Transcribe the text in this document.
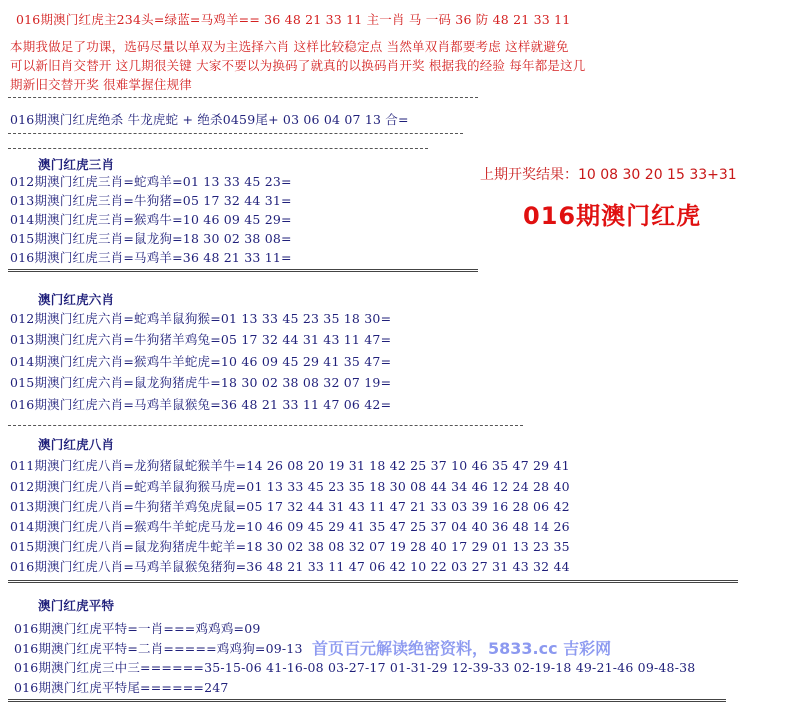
016期澳门红虎主234头=绿蓝=马鸡羊== 36 48 21 33 11 主一肖 马 一码 36 防 48 21 33 11
本期我做足了功课，选码尽量以单双为主选择六肖 这样比较稳定点 当然单双肖都要考虑 这样就避免
可以新旧肖交替开 这几期很关键 大家不要以为换码了就真的以换码肖开奖 根据我的经验 每年都是这几
期新旧交替开奖 很难掌握住规律
016期澳门红虎绝杀 牛龙虎蛇 + 绝杀0459尾+ 03 06 04 07 13 合=
澳门红虎三肖
012期澳门红虎三肖=蛇鸡羊=01 13 33 45 23=
013期澳门红虎三肖=牛狗猪=05 17 32 44 31=
014期澳门红虎三肖=猴鸡牛=10 46 09 45 29=
015期澳门红虎三肖=鼠龙狗=18 30 02 38 08=
016期澳门红虎三肖=马鸡羊=36 48 21 33 11=
上期开奖结果：10 08 30 20 15 33+31
016期澳门红虎
澳门红虎六肖
012期澳门红虎六肖=蛇鸡羊鼠狗猴=01 13 33 45 23 35 18 30=
013期澳门红虎六肖=牛狗猪羊鸡兔=05 17 32 44 31 43 11 47=
014期澳门红虎六肖=猴鸡牛羊蛇虎=10 46 09 45 29 41 35 47=
015期澳门红虎六肖=鼠龙狗猪虎牛=18 30 02 38 08 32 07 19=
016期澳门红虎六肖=马鸡羊鼠猴兔=36 48 21 33 11 47 06 42=
澳门红虎八肖
011期澳门红虎八肖=龙狗猪鼠蛇猴羊牛=14 26 08 20 19 31 18 42 25 37 10 46 35 47 29 41
012期澳门红虎八肖=蛇鸡羊鼠狗猴马虎=01 13 33 45 23 35 18 30 08 44 34 46 12 24 28 40
013期澳门红虎八肖=牛狗猪羊鸡兔虎鼠=05 17 32 44 31 43 11 47 21 33 03 39 16 28 06 42
014期澳门红虎八肖=猴鸡牛羊蛇虎马龙=10 46 09 45 29 41 35 47 25 37 04 40 36 48 14 26
015期澳门红虎八肖=鼠龙狗猪虎牛蛇羊=18 30 02 38 08 32 07 19 28 40 17 29 01 13 23 35
016期澳门红虎八肖=马鸡羊鼠猴兔猪狗=36 48 21 33 11 47 06 42 10 22 03 27 31 43 32 44
澳门红虎平特
016期澳门红虎平特=一肖===鸡鸡鸡=09
016期澳门红虎平特=二肖=====鸡鸡狗=09-13
016期澳门红虎三中三======35-15-06 41-16-08 03-27-17 01-31-29 12-39-33 02-19-18 49-21-46 09-48-38
016期澳门红虎平特尾======247
首页百元解读绝密资料，5833.cc 吉彩网
